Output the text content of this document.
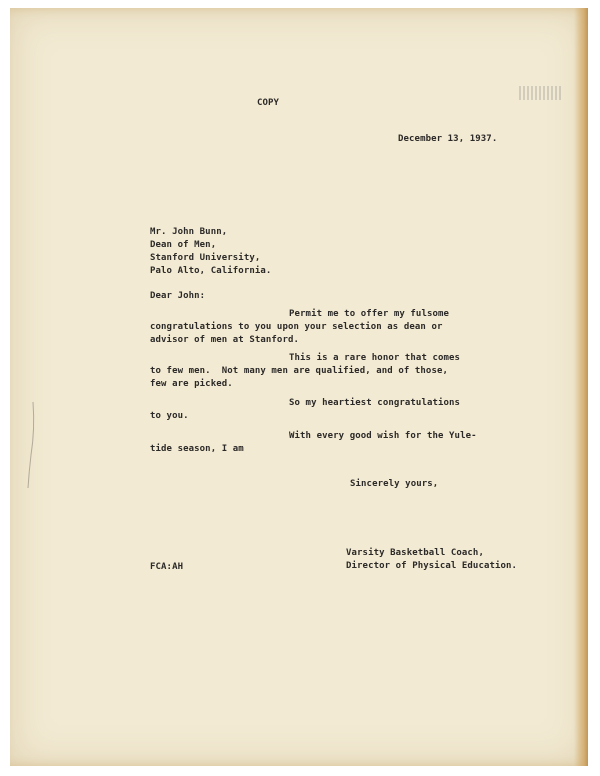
COPY
December 13, 1937.
Mr. John Bunn,
Dean of Men,
Stanford University,
Palo Alto, California.
Dear John:
Permit me to offer my fulsome
congratulations to you upon your selection as dean or
advisor of men at Stanford.
This is a rare honor that comes
to few men.  Not many men are qualified, and of those,
few are picked.
So my heartiest congratulations
to you.
With every good wish for the Yule-
tide season, I am
Sincerely yours,
Varsity Basketball Coach,
Director of Physical Education.
FCA:AH
